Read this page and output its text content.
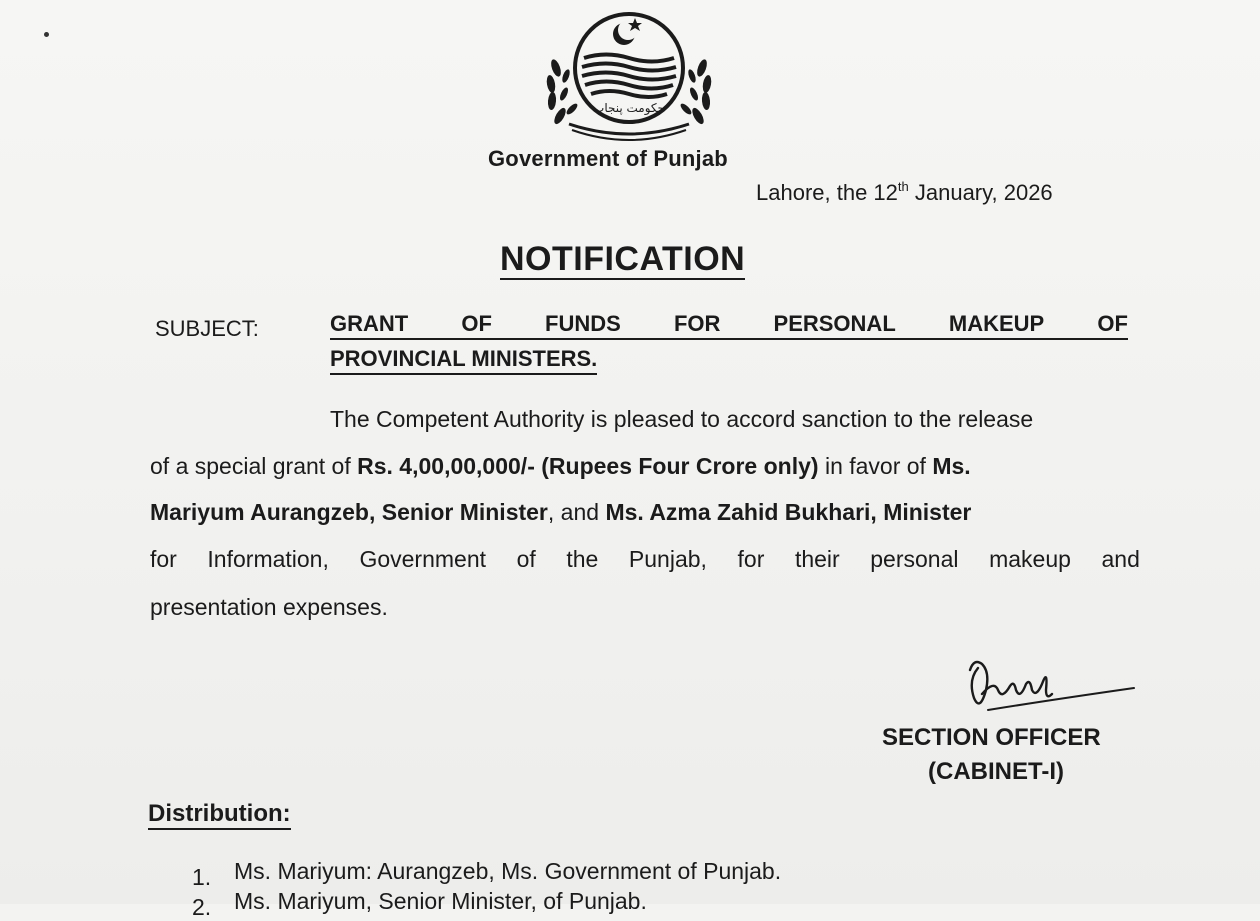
حکومت پنجاب
Government of Punjab
Lahore, the 12th January, 2026
NOTIFICATION
SUBJECT:	GRANT OF FUNDS FOR PERSONAL MAKEUP OF
PROVINCIAL MINISTERS.
The Competent Authority is pleased to accord sanction to the release
of a special grant of Rs. 4,00,00,000/- (Rupees Four Crore only) in favor of Ms.
Mariyum Aurangzeb, Senior Minister, and Ms. Azma Zahid Bukhari, Minister
for Information, Government of the Punjab, for their personal makeup and
presentation expenses.
SECTION OFFICER
(CABINET-I)
Distribution:
1. Ms. Mariyum: Aurangzeb, Ms. Government of Punjab.
2. Ms. Mariyum, Senior Minister, of Punjab.
